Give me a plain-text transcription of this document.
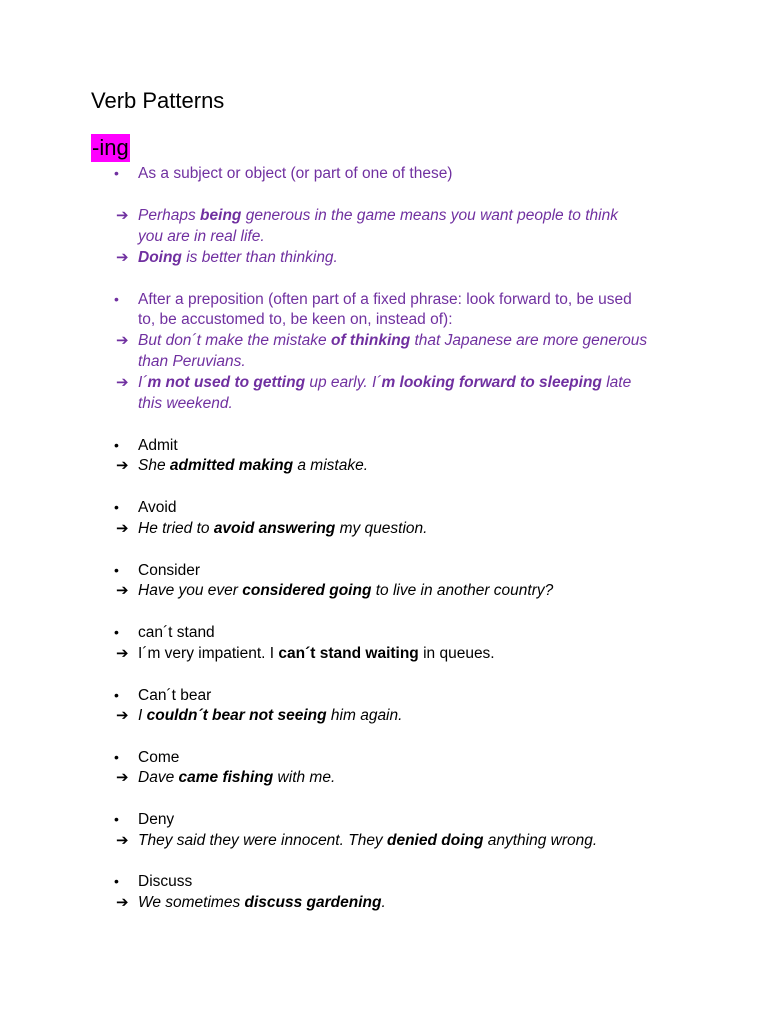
Verb Patterns
-ing
• As a subject or object (or part of one of these)
➔ Perhaps being generous in the game means you want people to think
you are in real life.
➔ Doing is better than thinking.
• After a preposition (often part of a fixed phrase: look forward to, be used
to, be accustomed to, be keen on, instead of):
➔ But don´t make the mistake of thinking that Japanese are more generous
than Peruvians.
➔ I´m not used to getting up early. I´m looking forward to sleeping late
this weekend.
• Admit
➔ She admitted making a mistake.
• Avoid
➔ He tried to avoid answering my question.
• Consider
➔ Have you ever considered going to live in another country?
• can´t stand
➔ I´m very impatient. I can´t stand waiting in queues.
• Can´t bear
➔ I couldn´t bear not seeing him again.
• Come
➔ Dave came fishing with me.
• Deny
➔ They said they were innocent. They denied doing anything wrong.
• Discuss
➔ We sometimes discuss gardening.
